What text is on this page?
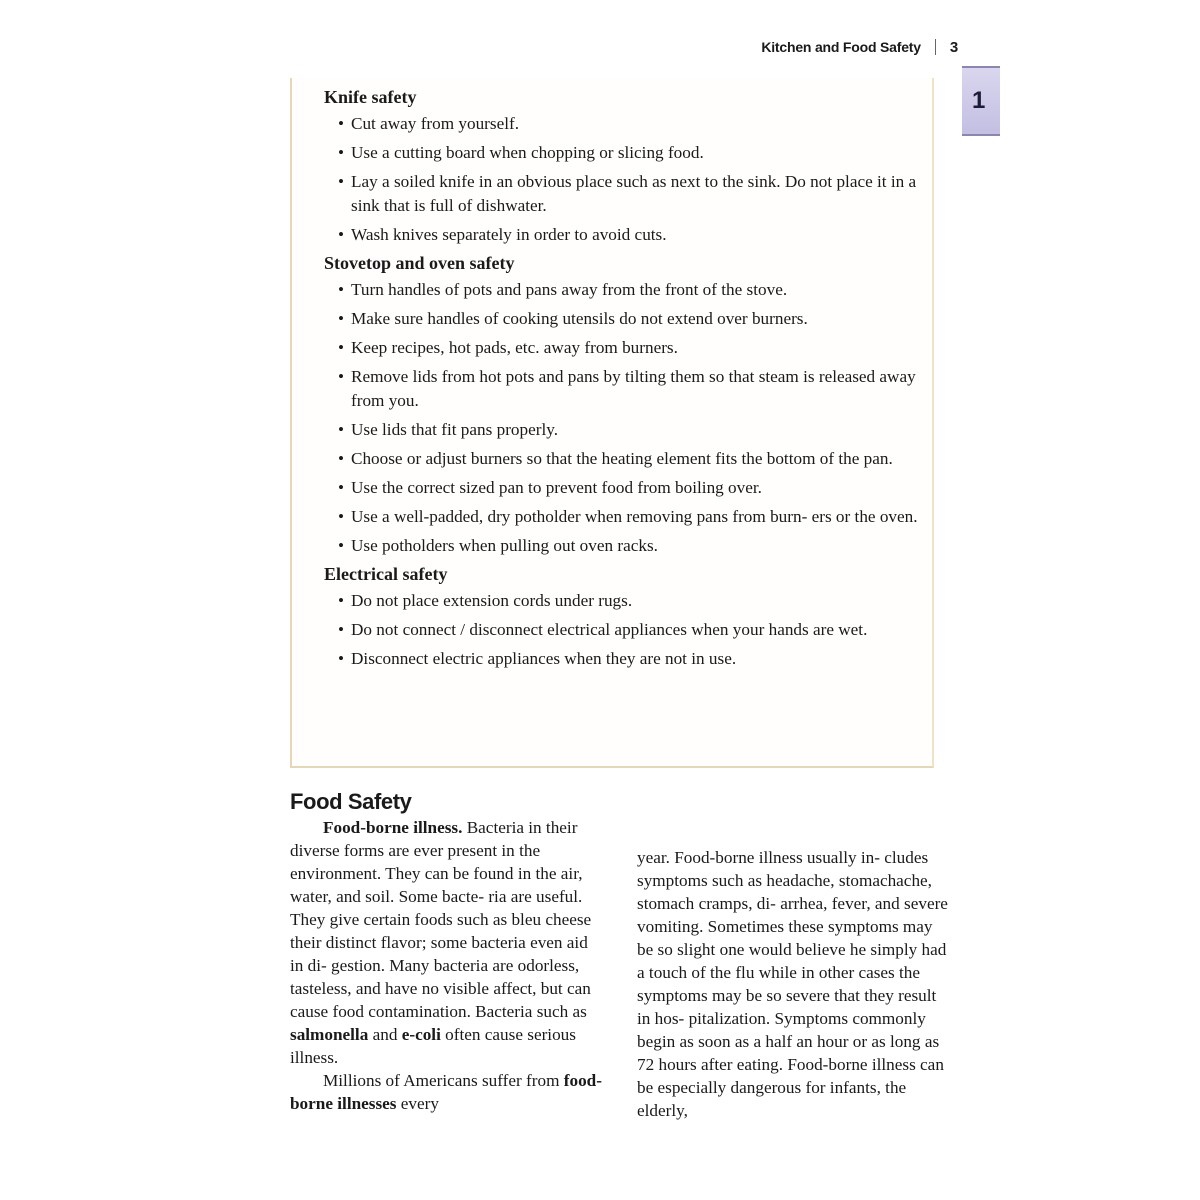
Kitchen and Food Safety 3
1
Knife safety
• Cut away from yourself.
• Use a cutting board when chopping or slicing food.
• Lay a soiled knife in an obvious place such as next to the sink. Do not place it in a sink that is full of dishwater.
• Wash knives separately in order to avoid cuts.
Stovetop and oven safety
• Turn handles of pots and pans away from the front of the stove.
• Make sure handles of cooking utensils do not extend over burners.
• Keep recipes, hot pads, etc. away from burners.
• Remove lids from hot pots and pans by tilting them so that steam is released away from you.
• Use lids that fit pans properly.
• Choose or adjust burners so that the heating element fits the bottom of the pan.
• Use the correct sized pan to prevent food from boiling over.
• Use a well-padded, dry potholder when removing pans from burn- ers or the oven.
• Use potholders when pulling out oven racks.
Electrical safety
• Do not place extension cords under rugs.
• Do not connect / disconnect electrical appliances when your hands are wet.
• Disconnect electric appliances when they are not in use.
Food Safety

Food-borne illness. Bacteria in their diverse forms are ever present in the environment. They can be found in the air, water, and soil. Some bacte- ria are useful. They give certain foods such as bleu cheese their distinct flavor; some bacteria even aid in di- gestion. Many bacteria are odorless, tasteless, and have no visible affect, but can cause food contamination. Bacteria such as salmonella and e-coli often cause serious illness.

Millions of Americans suffer from food-borne illnesses every

year. Food-borne illness usually in- cludes symptoms such as headache, stomachache, stomach cramps, di- arrhea, fever, and severe vomiting. Sometimes these symptoms may be so slight one would believe he simply had a touch of the flu while in other cases the symptoms may be so severe that they result in hos- pitalization. Symptoms commonly begin as soon as a half an hour or as long as 72 hours after eating. Food-borne illness can be especially dangerous for infants, the elderly,
